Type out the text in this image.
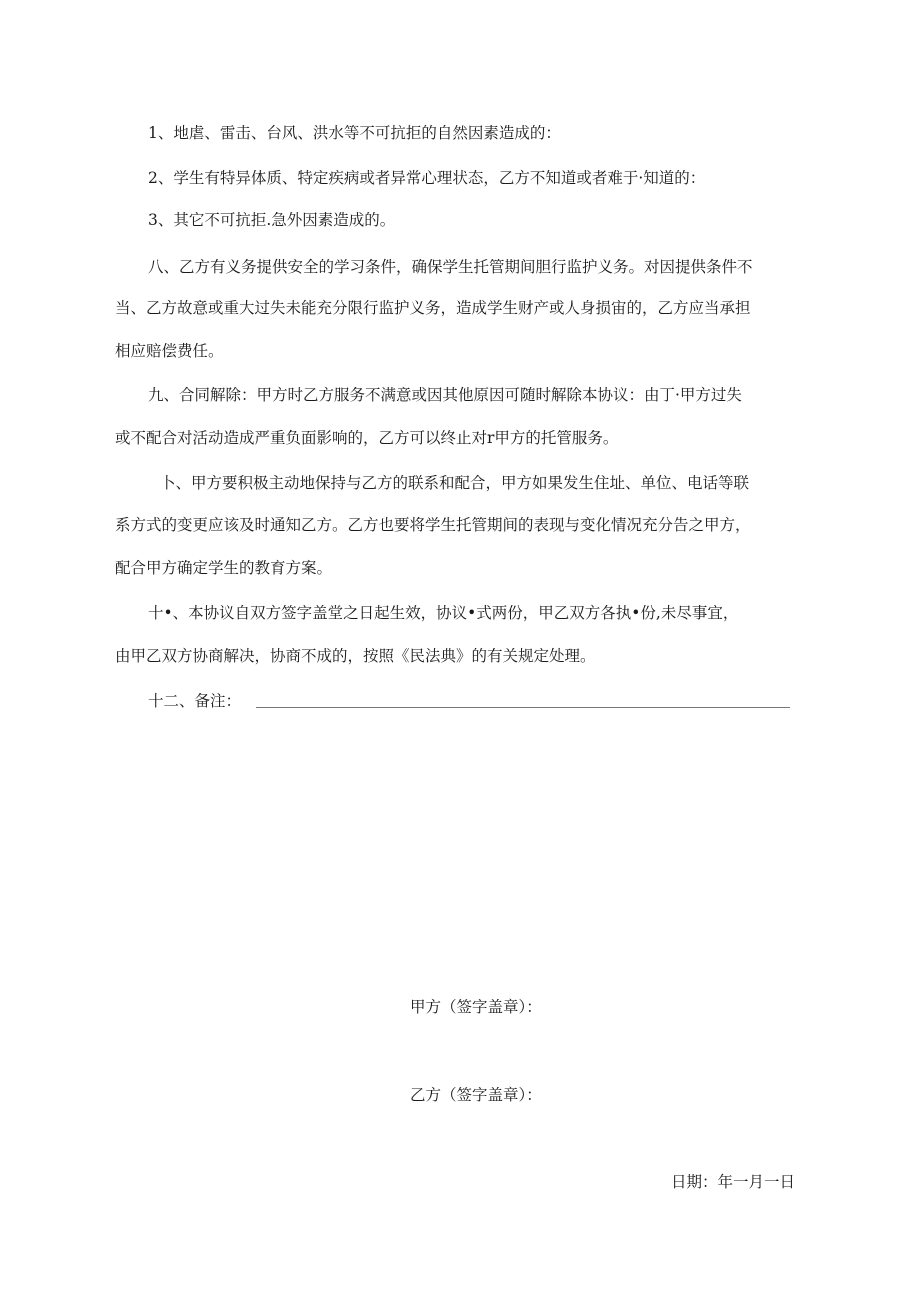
1、地虐、雷击、台风、洪水等不可抗拒的自然因素造成的：
2、学生有特异体质、特定疾病或者异常心理状态，乙方不知道或者难于·知道的：
3、其它不可抗拒.急外因素造成的。
八、乙方有义务提供安全的学习条件，确保学生托管期间胆行监护义务。对因提供条件不
当、乙方故意或重大过失未能充分限行监护义务，造成学生财产或人身损宙的，乙方应当承担
相应赔偿费任。
九、合同解除：甲方时乙方服务不满意或因其他原因可随时解除本协议：由丁·甲方过失
或不配合对活动造成严重负面影响的，乙方可以终止对r甲方的托管服务。
卜、甲方要积极主动地保持与乙方的联系和配合，甲方如果发生住址、单位、电话等联
系方式的变更应该及时通知乙方。乙方也要将学生托管期间的表现与变化情况充分告之甲方，
配合甲方确定学生的教育方案。
十•、本协议自双方签字盖堂之日起生效，协议•式两份，甲乙双方各执•份,未尽事宜，
由甲乙双方协商解决，协商不成的，按照《民法典》的有关规定处理。
十二、备注：
甲方（签字盖章）：
乙方（签字盖章）：
日期：年一月一日
